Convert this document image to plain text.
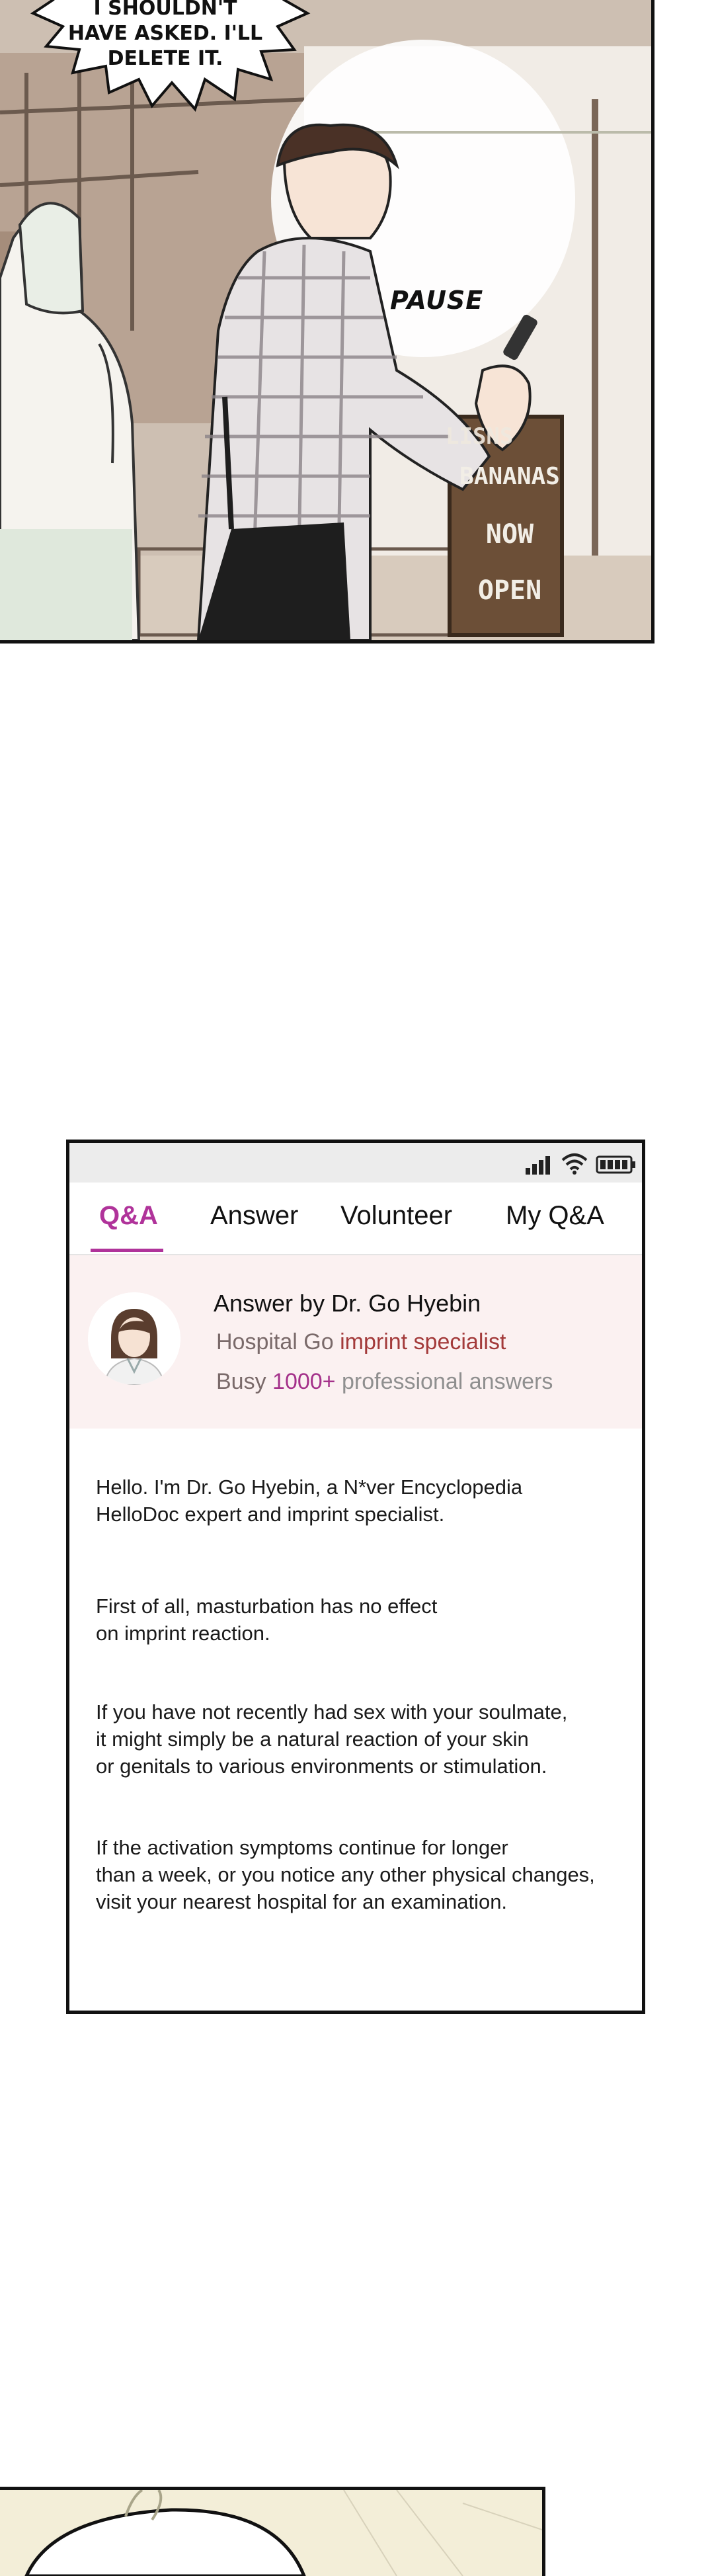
I SHOULDN'T
HAVE ASKED. I'LL
DELETE IT.
PAUSE
LISNS
BANANAS
NOW
OPEN
Q&A Answer Volunteer My Q&A
Answer by Dr. Go Hyebin
Hospital Go imprint specialist
Busy 1000+ professional answers
Hello. I'm Dr. Go Hyebin, a N*ver Encyclopedia
HelloDoc expert and imprint specialist.
First of all, masturbation has no effect
on imprint reaction.
If you have not recently had sex with your soulmate,
it might simply be a natural reaction of your skin
or genitals to various environments or stimulation.
If the activation symptoms continue for longer
than a week, or you notice any other physical changes,
visit your nearest hospital for an examination.
